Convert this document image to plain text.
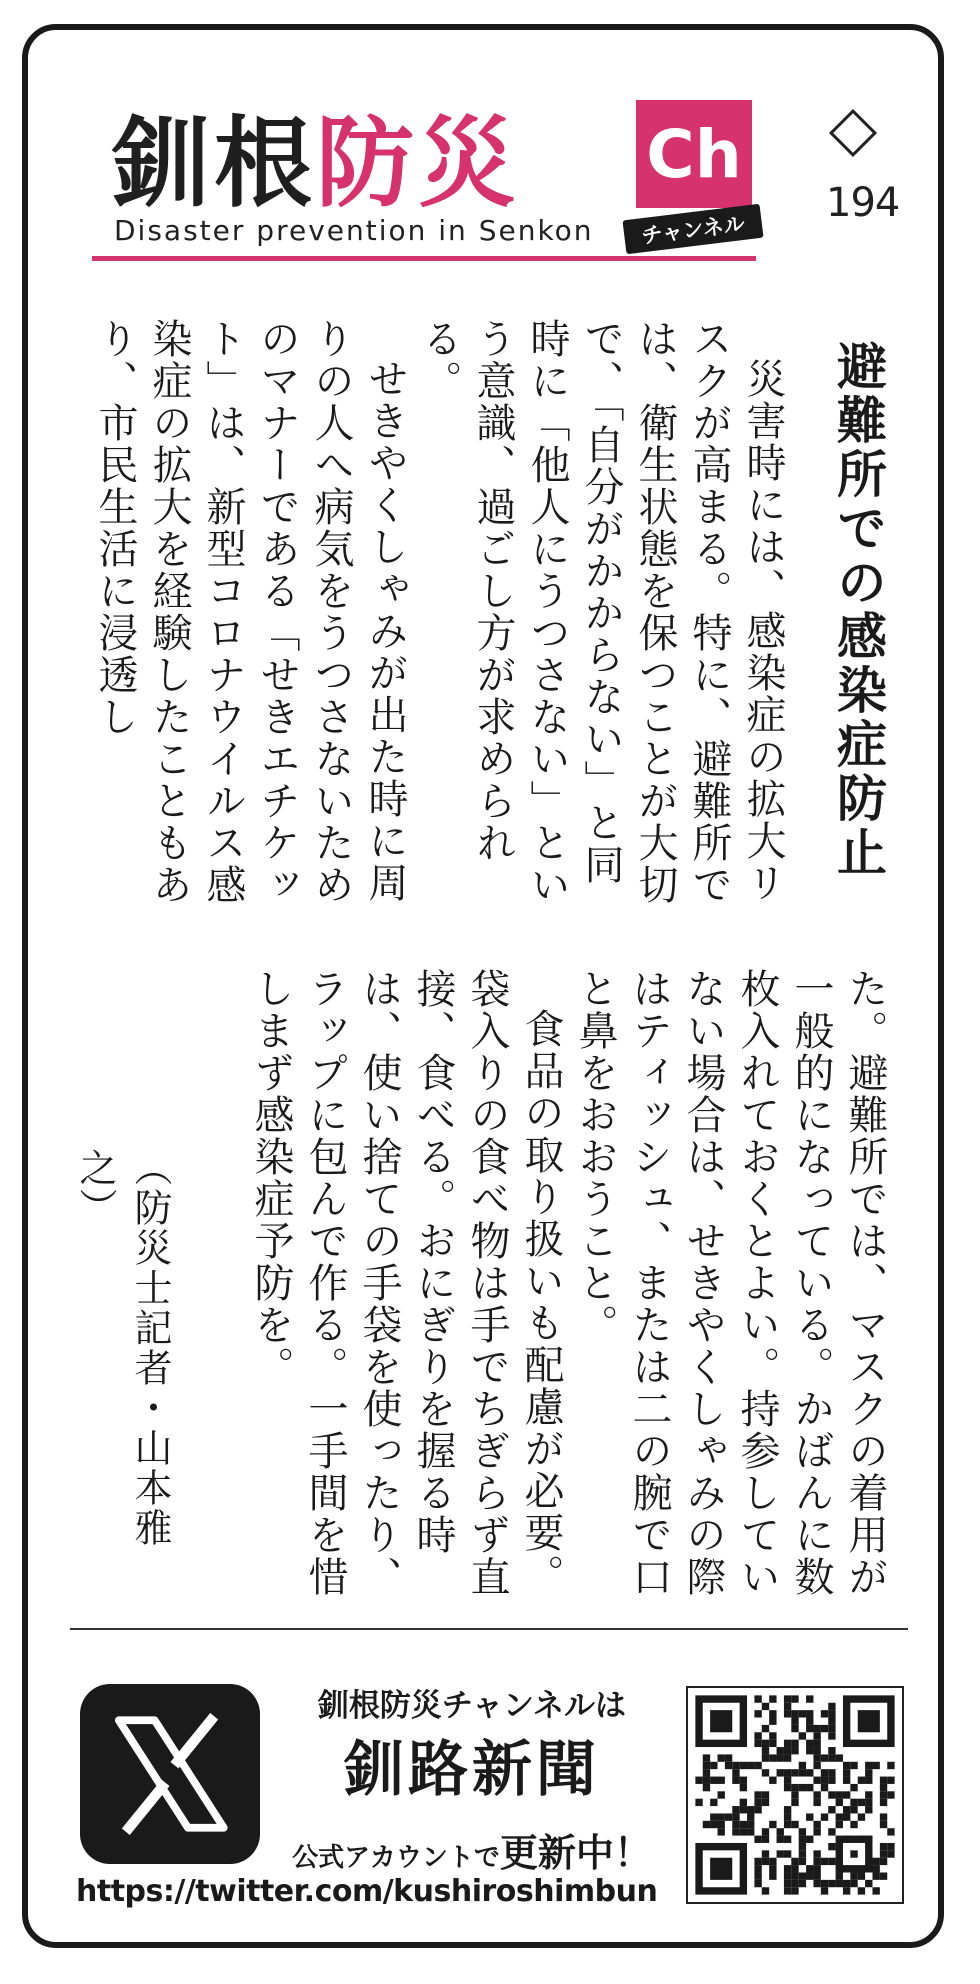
釧根防災
Disaster prevention in Senkon
Ch
チャンネル
194
避難所での感染症防止

災害時には、感染症の拡大リスクが高まる。特に、避難所では、衛生状態を保つことが大切で、「自分がかからない」と同時に「他人にうつさない」という意識、過ごし方が求められる。

せきやくしゃみが出た時に周りの人へ病気をうつさないためのマナーである「せきエチケット」は、新型コロナウイルス感染症の拡大を経験したこともあり、市民生活に浸透し

た。避難所では、マスクの着用が一般的になっている。かばんに数枚入れておくとよい。持参していない場合は、せきやくしゃみの際はティッシュ、または二の腕で口と鼻をおおうこと。

食品の取り扱いも配慮が必要。袋入りの食べ物は手でちぎらず直接、食べる。おにぎりを握る時は、使い捨ての手袋を使ったり、ラップに包んで作る。一手間を惜しまず感染症予防を。

（防災士記者・山本雅之）
釧根防災チャンネルは
釧路新聞
公式アカウントで更新中！
https://twitter.com/kushiroshimbun
